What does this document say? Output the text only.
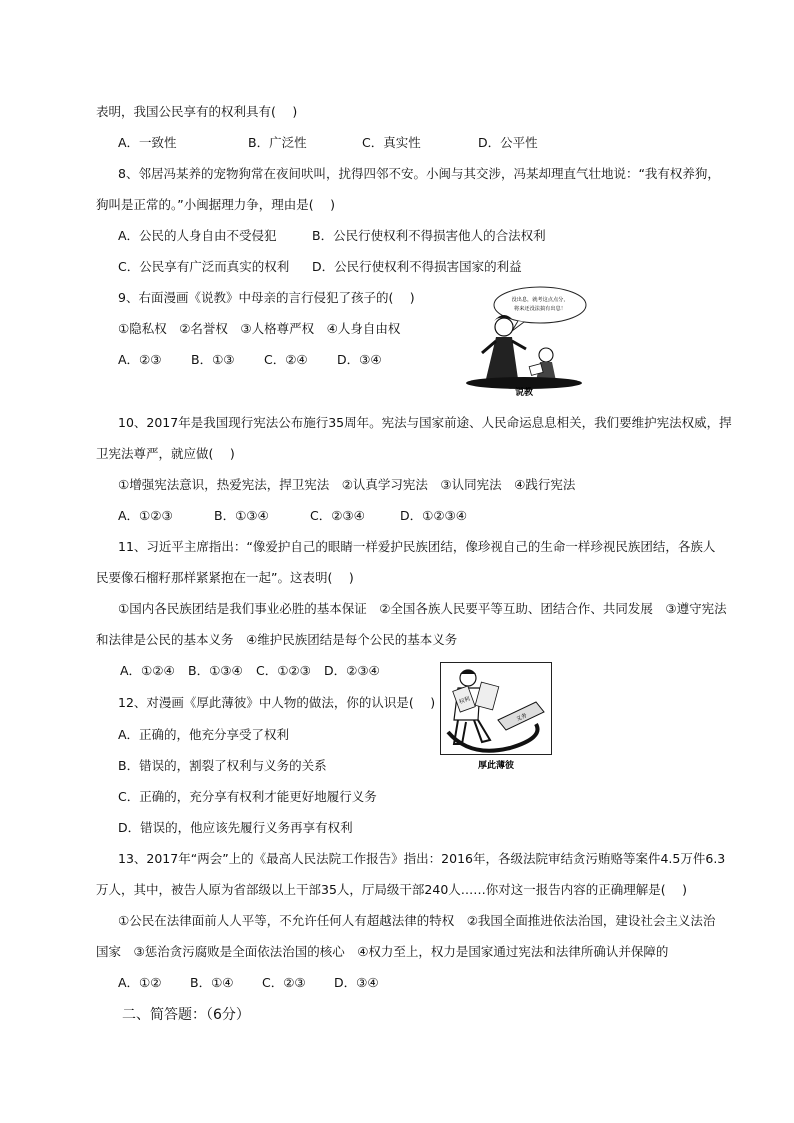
表明，我国公民享有的权利具有(　 )
A．一致性	B．广泛性	C．真实性	D．公平性
8、邻居冯某养的宠物狗常在夜间吠叫，扰得四邻不安。小闽与其交涉，冯某却理直气壮地说：“我有权养狗，
狗叫是正常的。”小闽据理力争，理由是(　 )
A．公民的人身自由不受侵犯	B．公民行使权利不得损害他人的合法权利
C．公民享有广泛而真实的权利 D．公民行使权利不得损害国家的利益
9、右面漫画《说教》中母亲的言行侵犯了孩子的(　 )
①隐私权　②名誉权　③人格尊严权　④人身自由权
A．②③ B．①③ C．②④ D．③④
没出息，就考这点点分，
将来还没法搞有出息！
说教
10、2017年是我国现行宪法公布施行35周年。宪法与国家前途、人民命运息息相关，我们要维护宪法权威，捍
卫宪法尊严，就应做(　 )
①增强宪法意识，热爱宪法，捍卫宪法　②认真学习宪法　③认同宪法　④践行宪法
A．①②③	B．①③④	C．②③④	D．①②③④
11、习近平主席指出：“像爱护自己的眼睛一样爱护民族团结，像珍视自己的生命一样珍视民族团结，各族人
民要像石榴籽那样紧紧抱在一起”。这表明(　 )
①国内各民族团结是我们事业必胜的基本保证　②全国各族人民要平等互助、团结合作、共同发展　③遵守宪法
和法律是公民的基本义务　④维护民族团结是每个公民的基本义务
A．①②④ B．①③④ C．①②③ D．②③④
12、对漫画《厚此薄彼》中人物的做法，你的认识是(　 )
A．正确的，他充分享受了权利
B．错误的，割裂了权利与义务的关系
C．正确的，充分享有权利才能更好地履行义务
D．错误的，他应该先履行义务再享有权利
权利
义务
厚此薄彼
13、2017年“两会”上的《最高人民法院工作报告》指出：2016年，各级法院审结贪污贿赂等案件4.5万件6.3
万人，其中，被告人原为省部级以上干部35人，厅局级干部240人……你对这一报告内容的正确理解是(　 )
①公民在法律面前人人平等，不允许任何人有超越法律的特权　②我国全面推进依法治国，建设社会主义法治
国家　③惩治贪污腐败是全面依法治国的核心　④权力至上，权力是国家通过宪法和法律所确认并保障的
A．①② B．①④ C．②③ D．③④
二、简答题：（6分）
